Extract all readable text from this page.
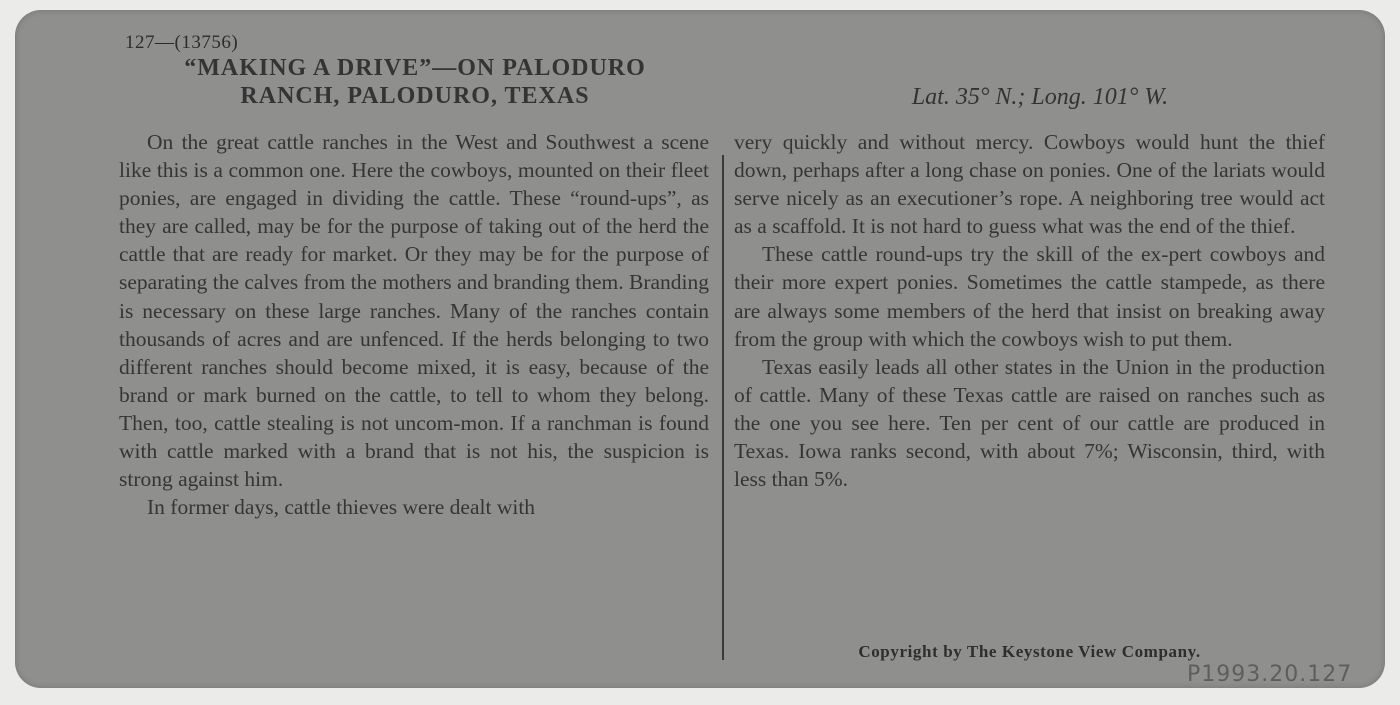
127—(13756)
“MAKING A DRIVE”—ON PALODURO
RANCH, PALODURO, TEXAS	Lat. 35° N.; Long. 101° W.

On the great cattle ranches in the West and Southwest a scene like this is a common one. Here the cowboys, mounted on their fleet ponies, are engaged in dividing the cattle. These “round-ups”, as they are called, may be for the purpose of taking out of the herd the cattle that are ready for market. Or they may be for the purpose of separating the calves from the mothers and branding them. Branding is necessary on these large ranches. Many of the ranches contain thousands of acres and are unfenced. If the herds belonging to two different ranches should become mixed, it is easy, because of the brand or mark burned on the cattle, to tell to whom they belong. Then, too, cattle stealing is not uncom-mon. If a ranchman is found with cattle marked with a brand that is not his, the suspicion is strong against him.

In former days, cattle thieves were dealt with

very quickly and without mercy. Cowboys would hunt the thief down, perhaps after a long chase on ponies. One of the lariats would serve nicely as an executioner’s rope. A neighboring tree would act as a scaffold. It is not hard to guess what was the end of the thief.

These cattle round-ups try the skill of the ex-pert cowboys and their more expert ponies. Sometimes the cattle stampede, as there are always some members of the herd that insist on breaking away from the group with which the cowboys wish to put them.

Texas easily leads all other states in the Union in the production of cattle. Many of these Texas cattle are raised on ranches such as the one you see here. Ten per cent of our cattle are produced in Texas. Iowa ranks second, with about 7%; Wisconsin, third, with less than 5%.

Copyright by The Keystone View Company.
P1993.20.127
